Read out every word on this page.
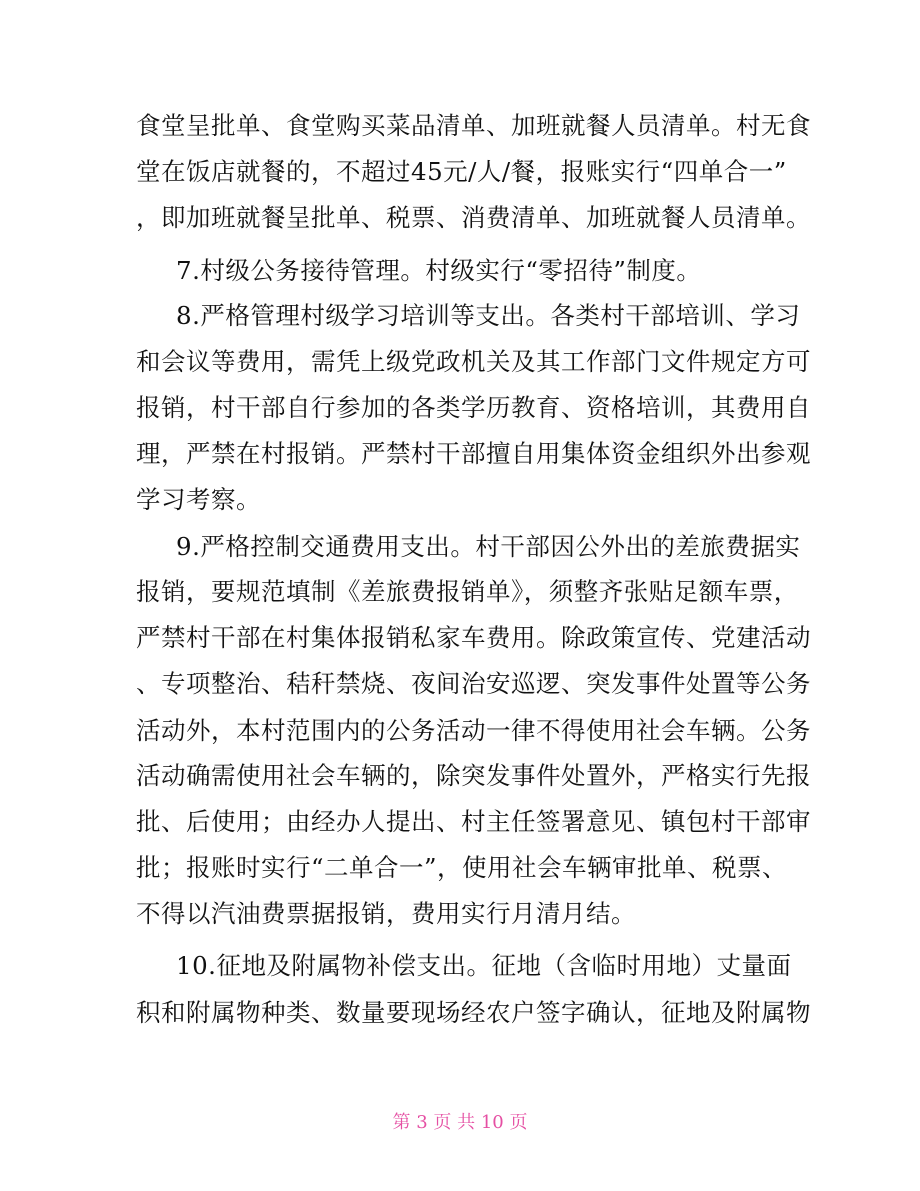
食堂呈批单、食堂购买菜品清单、加班就餐人员清单。村无食
堂在饭店就餐的，不超过45元/人/餐，报账实行“四单合一”
，即加班就餐呈批单、税票、消费清单、加班就餐人员清单。
7.村级公务接待管理。村级实行“零招待”制度。
8.严格管理村级学习培训等支出。各类村干部培训、学习
和会议等费用，需凭上级党政机关及其工作部门文件规定方可
报销，村干部自行参加的各类学历教育、资格培训，其费用自
理，严禁在村报销。严禁村干部擅自用集体资金组织外出参观
学习考察。
9.严格控制交通费用支出。村干部因公外出的差旅费据实
报销，要规范填制《差旅费报销单》，须整齐张贴足额车票，
严禁村干部在村集体报销私家车费用。除政策宣传、党建活动
、专项整治、秸秆禁烧、夜间治安巡逻、突发事件处置等公务
活动外，本村范围内的公务活动一律不得使用社会车辆。公务
活动确需使用社会车辆的，除突发事件处置外，严格实行先报
批、后使用；由经办人提出、村主任签署意见、镇包村干部审
批；报账时实行“二单合一”，使用社会车辆审批单、税票、
不得以汽油费票据报销，费用实行月清月结。
10.征地及附属物补偿支出。征地（含临时用地）丈量面
积和附属物种类、数量要现场经农户签字确认，征地及附属物
第 3 页 共 10 页
